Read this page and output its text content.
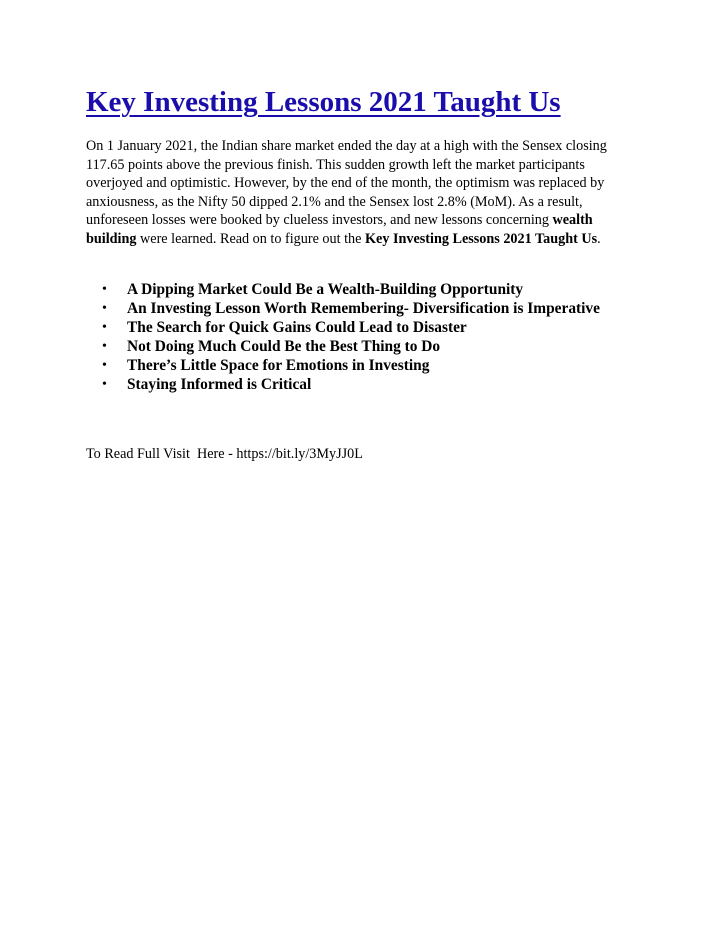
Key Investing Lessons 2021 Taught Us

On 1 January 2021, the Indian share market ended the day at a high with the Sensex closing
117.65 points above the previous finish. This sudden growth left the market participants
overjoyed and optimistic. However, by the end of the month, the optimism was replaced by
anxiousness, as the Nifty 50 dipped 2.1% and the Sensex lost 2.8% (MoM). As a result,
unforeseen losses were booked by clueless investors, and new lessons concerning wealth
building were learned. Read on to figure out the Key Investing Lessons 2021 Taught Us.

• A Dipping Market Could Be a Wealth-Building Opportunity
• An Investing Lesson Worth Remembering- Diversification is Imperative
• The Search for Quick Gains Could Lead to Disaster
• Not Doing Much Could Be the Best Thing to Do
• There’s Little Space for Emotions in Investing
• Staying Informed is Critical

To Read Full Visit  Here - https://bit.ly/3MyJJ0L
